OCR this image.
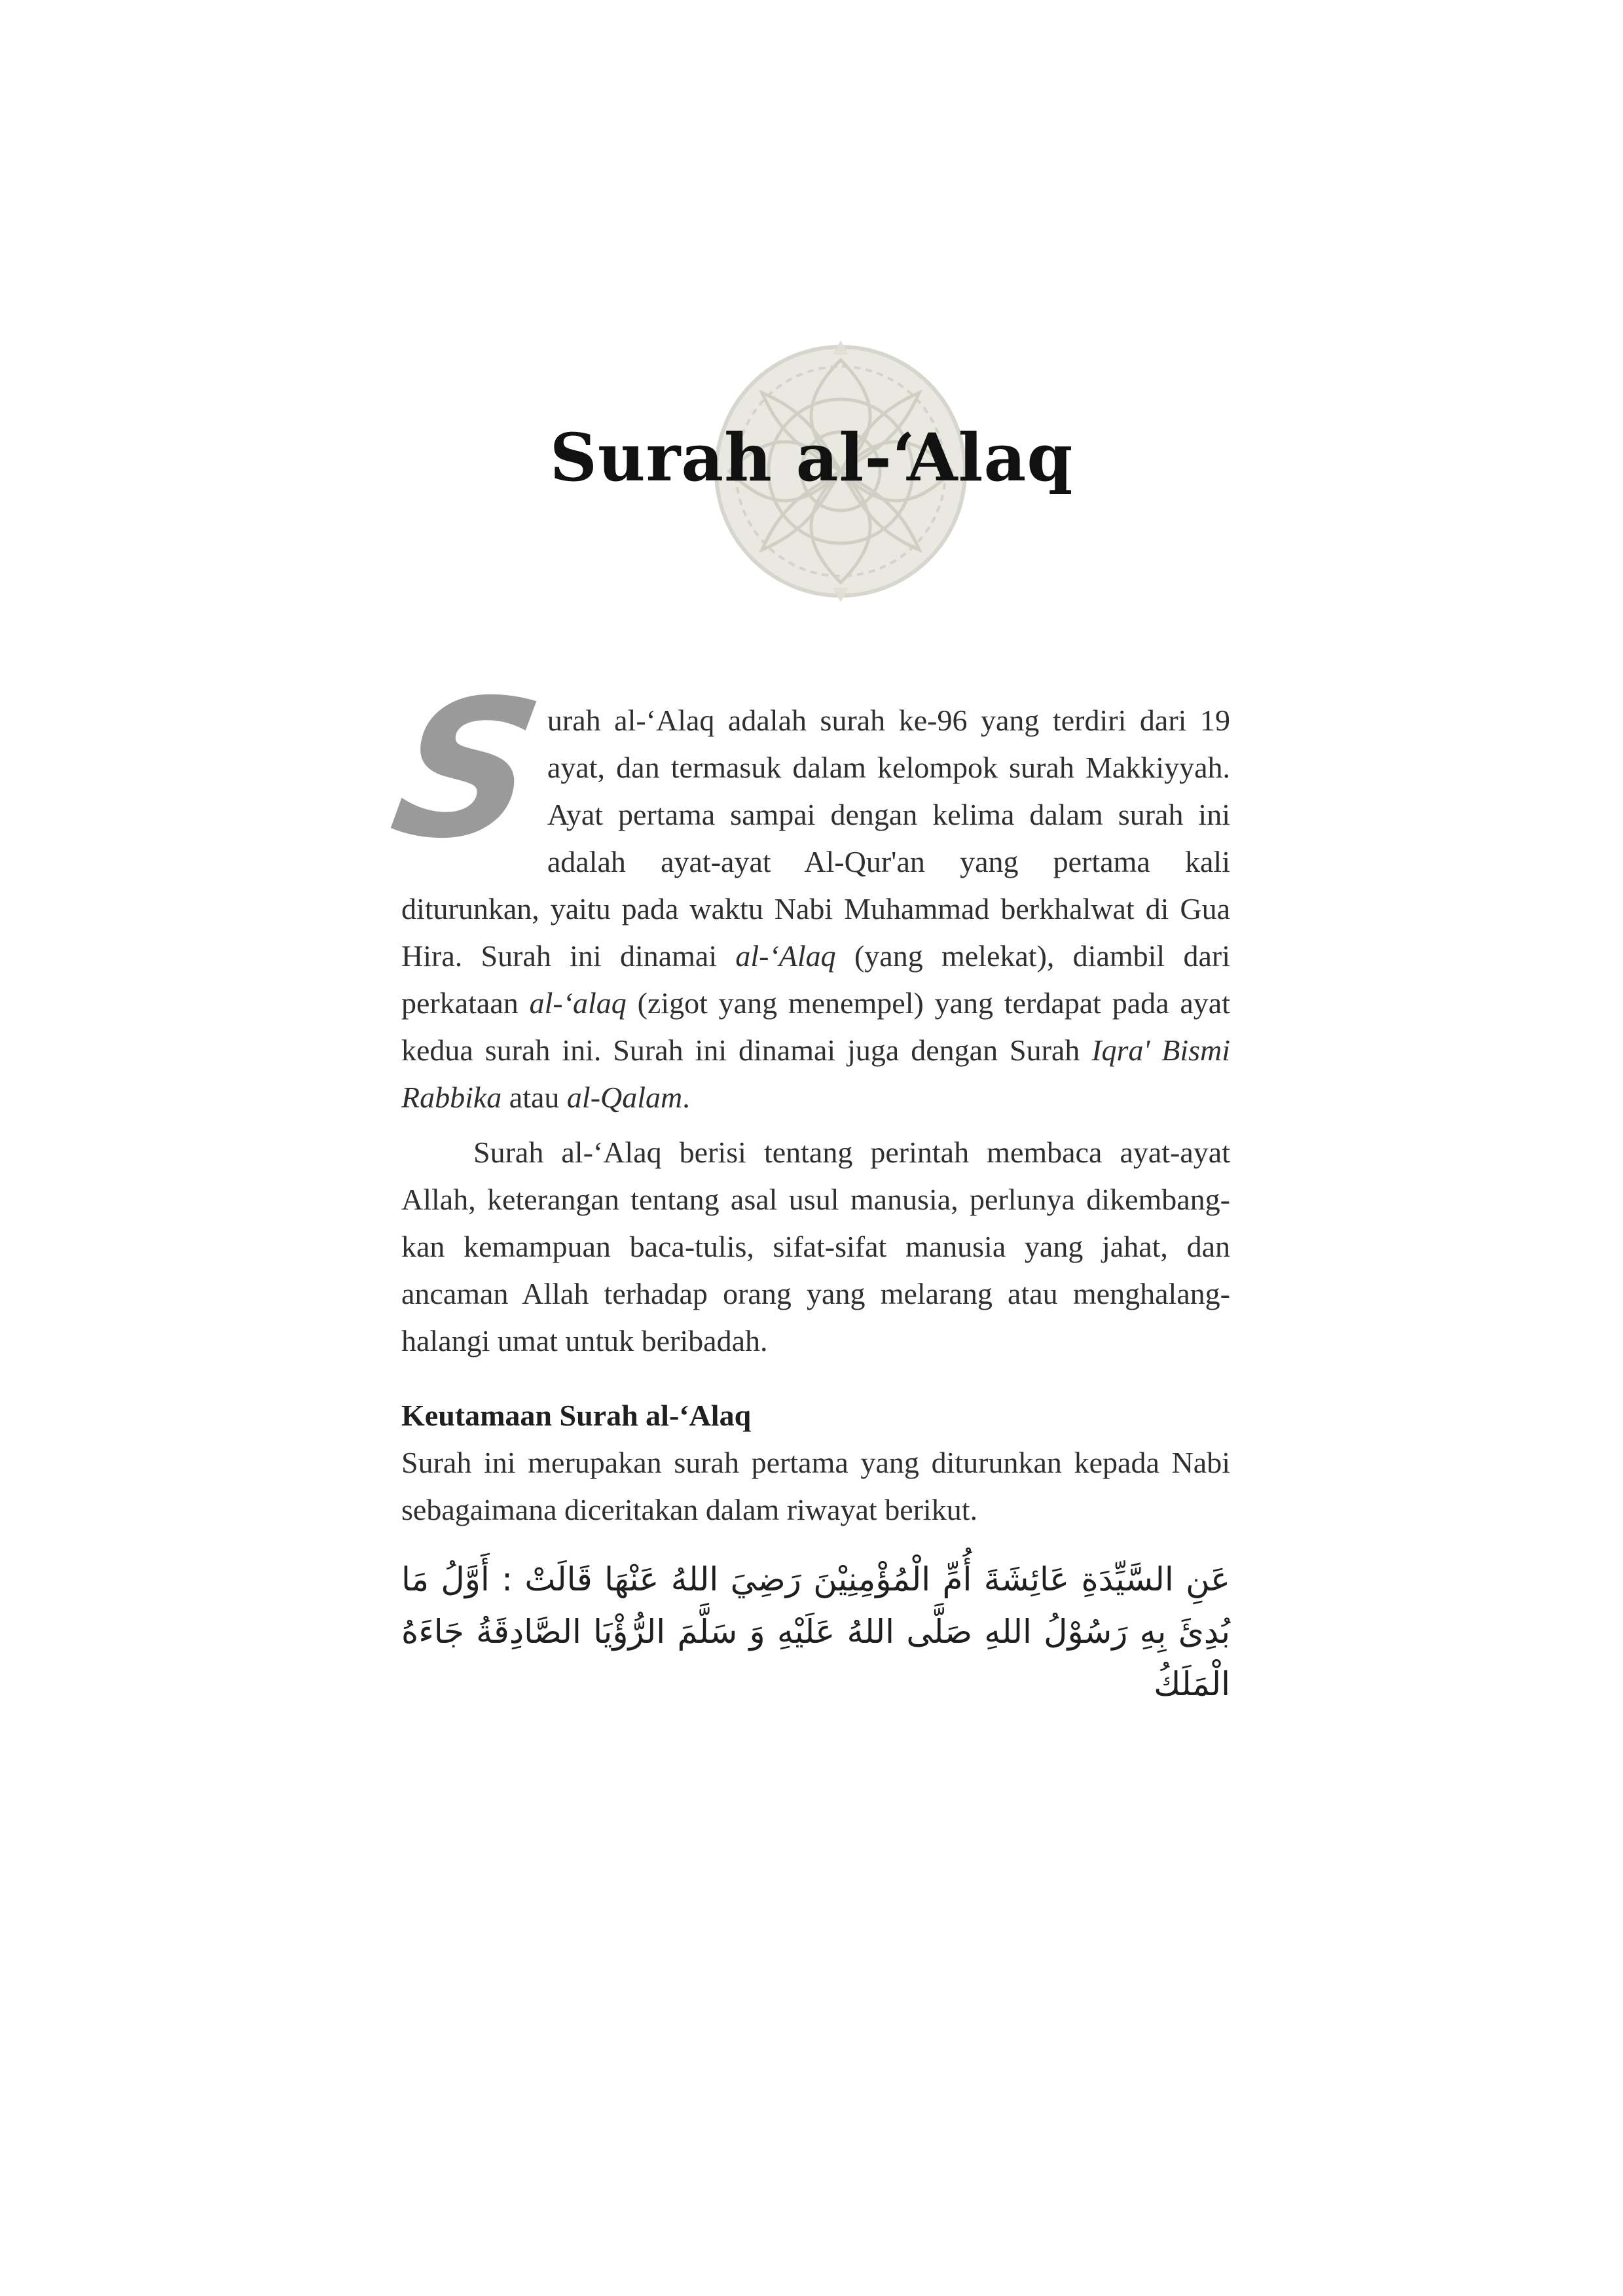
Surah al-‘Alaq

S
urah al-‘Alaq adalah surah ke-96 yang terdiri dari 19 ayat, dan termasuk dalam kelompok surah Makkiyyah. Ayat pertama sampai dengan kelima dalam surah ini adalah ayat-ayat Al-Qur'an yang pertama kali diturunkan, yaitu pada waktu Nabi Muhammad berkhalwat di Gua Hira. Surah ini dinamai al-‘Alaq (yang melekat), diambil dari perkataan al-‘alaq (zigot yang menempel) yang terdapat pada ayat kedua surah ini. Surah ini dinamai juga dengan Surah Iqra' Bismi Rabbika atau al-Qalam.

Surah al-‘Alaq berisi tentang perintah membaca ayat-ayat Allah, keterangan tentang asal usul manusia, perlunya dikembang-kan kemampuan baca-tulis, sifat-sifat manusia yang jahat, dan ancaman Allah terhadap orang yang melarang atau menghalang-halangi umat untuk beribadah.

Keutamaan Surah al-‘Alaq

Surah ini merupakan surah pertama yang diturunkan kepada Nabi sebagaimana diceritakan dalam riwayat berikut.

عَنِ السَّيِّدَةِ عَائِشَةَ أُمِّ الْمُؤْمِنِيْنَ رَضِيَ اللهُ عَنْهَا قَالَتْ : أَوَّلُ مَا بُدِئَ بِهِ رَسُوْلُ اللهِ صَلَّى اللهُ عَلَيْهِ وَ سَلَّمَ الرُّؤْيَا الصَّادِقَةُ جَاءَهُ الْمَلَكُ
